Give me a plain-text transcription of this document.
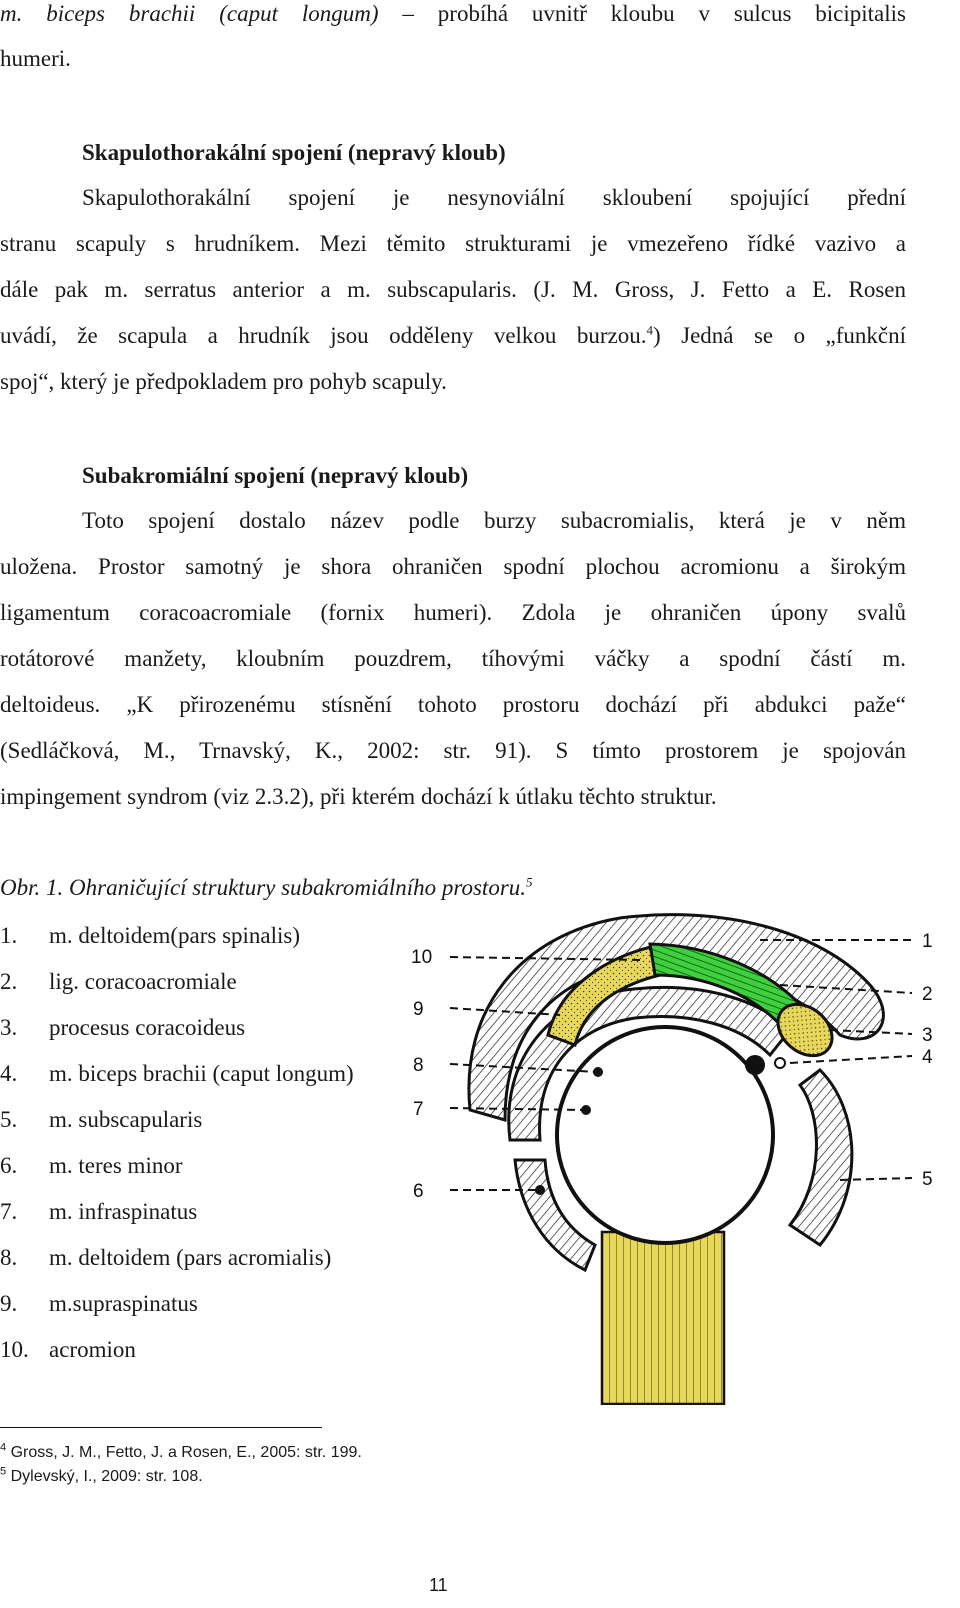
m. biceps brachii (caput longum) – probíhá uvnitř kloubu v sulcus bicipitalis
humeri.
Skapulothorakální spojení (nepravý kloub)
Skapulothorakální spojení je nesynoviální skloubení spojující přední
stranu scapuly s hrudníkem. Mezi těmito strukturami je vmezeřeno řídké vazivo a
dále pak m. serratus anterior a m. subscapularis. (J. M. Gross, J. Fetto a E. Rosen
uvádí, že scapula a hrudník jsou odděleny velkou burzou.$^4$) Jedná se o „funkční
spoj“, který je předpokladem pro pohyb scapuly.
Subakromiální spojení (nepravý kloub)
Toto spojení dostalo název podle burzy subacromialis, která je v něm
uložena. Prostor samotný je shora ohraničen spodní plochou acromionu a širokým
ligamentum coracoacromiale (fornix humeri). Zdola je ohraničen úpony svalů
rotátorové manžety, kloubním pouzdrem, tíhovými váčky a spodní částí m.
deltoideus. „K přirozenému stísnění tohoto prostoru dochází při abdukci paže“
(Sedláčková, M., Trnavský, K., 2002: str. 91). S tímto prostorem je spojován
impingement syndrom (viz 2.3.2), při kterém dochází k útlaku těchto struktur.
Obr. 1. Ohraničující struktury subakromiálního prostoru.$^5$
1. m. deltoidem(pars spinalis)
2. lig. coracoacromiale
3. procesus coracoideus
4. m. biceps brachii (caput longum)
5. m. subscapularis
6. m. teres minor
7. m. infraspinatus
8. m. deltoidem (pars acromialis)
9. m.supraspinatus
10. acromion
10
9
8
7
6
1
2
3
4
5
$^4$ Gross, J. M., Fetto, J. a Rosen, E., 2005: str. 199.
$^5$ Dylevský, I., 2009: str. 108.
11
